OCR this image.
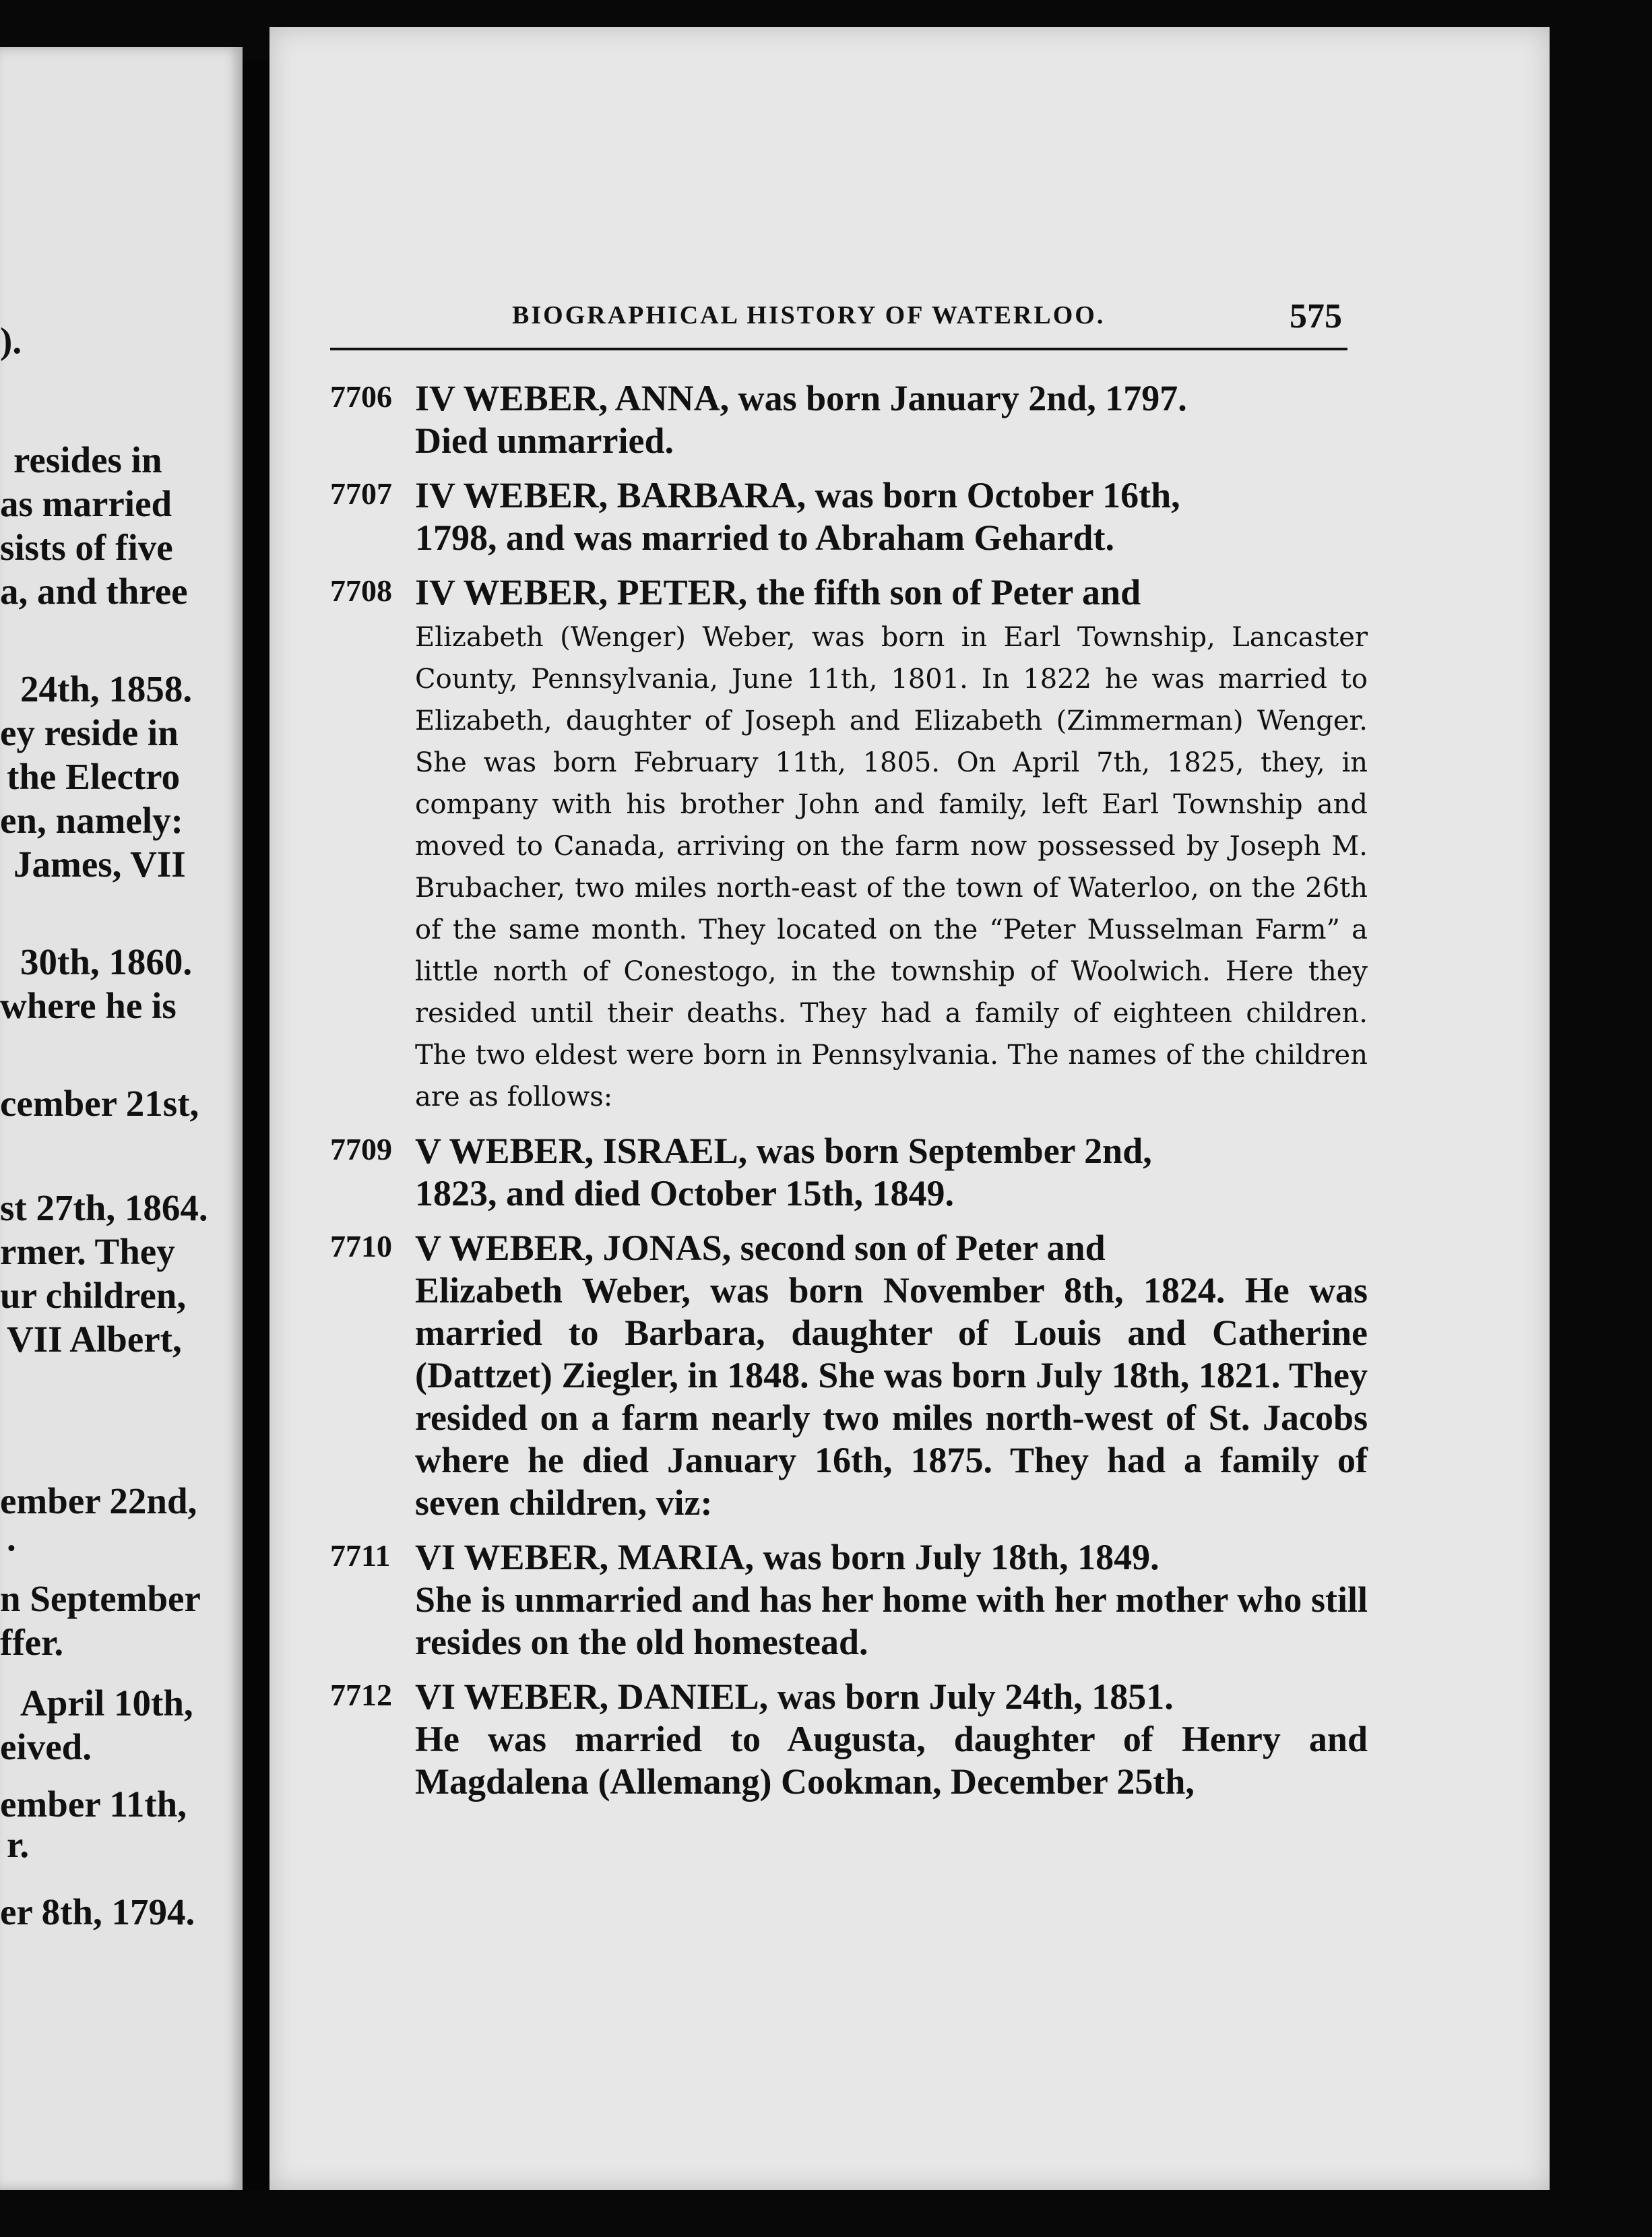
).
resides in
as married
sists of five
a, and three
24th, 1858.
ey reside in
the Electro
en, namely:
James, VII
30th, 1860.
where he is
cember 21st,
st 27th, 1864.
rmer. They
ur children,
VII Albert,
ember 22nd,
.
n September
ffer.
April 10th,
eived.
ember 11th,
r.
er 8th, 1794.
BIOGRAPHICAL HISTORY OF WATERLOO.	575
7706 IV WEBER, ANNA, was born January 2nd, 1797.
Died unmarried.
7707 IV WEBER, BARBARA, was born October 16th,
1798, and was married to Abraham Gehardt.
7708 IV WEBER, PETER, the fifth son of Peter and
Elizabeth (Wenger) Weber, was born in Earl Township, Lancaster County, Pennsylvania, June 11th, 1801. In 1822 he was married to Elizabeth, daughter of Joseph and Elizabeth (Zimmerman) Wenger. She was born February 11th, 1805. On April 7th, 1825, they, in company with his brother John and family, left Earl Township and moved to Canada, arriving on the farm now possessed by Joseph M. Brubacher, two miles north-east of the town of Waterloo, on the 26th of the same month. They located on the “Peter Musselman Farm” a little north of Conestogo, in the township of Woolwich. Here they resided until their deaths. They had a family of eighteen children. The two eldest were born in Pennsylvania. The names of the children are as follows:
7709 V WEBER, ISRAEL, was born September 2nd,
1823, and died October 15th, 1849.
7710 V WEBER, JONAS, second son of Peter and
Elizabeth Weber, was born November 8th, 1824. He was married to Barbara, daughter of Louis and Catherine (Dattzet) Ziegler, in 1848. She was born July 18th, 1821. They resided on a farm nearly two miles north-west of St. Jacobs where he died January 16th, 1875. They had a family of seven children, viz:
7711 VI WEBER, MARIA, was born July 18th, 1849.
She is unmarried and has her home with her mother who still resides on the old homestead.
7712 VI WEBER, DANIEL, was born July 24th, 1851.
He was married to Augusta, daughter of Henry and Magdalena (Allemang) Cookman, December 25th,
